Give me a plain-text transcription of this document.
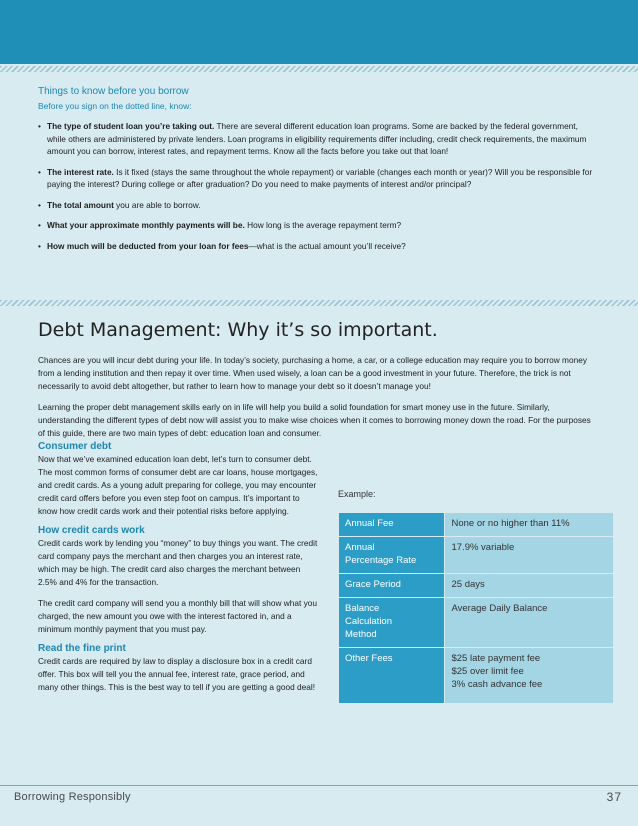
Things to know before you borrow
Before you sign on the dotted line, know:
• The type of student loan you’re taking out. There are several different education loan programs. Some are backed by the federal government, while others are administered by private lenders. Loan programs in eligibility requirements differ including, credit check requirements, the maximum amount you can borrow, interest rates, and repayment terms. Know all the facts before you take out that loan!
• The interest rate. Is it fixed (stays the same throughout the whole repayment) or variable (changes each month or year)? Will you be responsible for paying the interest? During college or after graduation? Do you need to make payments of interest and/or principal?
• The total amount you are able to borrow.
• What your approximate monthly payments will be. How long is the average repayment term?
• How much will be deducted from your loan for fees—what is the actual amount you’ll receive?
Debt Management: Why it’s so important.

Chances are you will incur debt during your life. In today’s society, purchasing a home, a car, or a college education may require you to borrow money from a lending institution and then repay it over time. When used wisely, a loan can be a good investment in your future. Therefore, the trick is not necessarily to avoid debt altogether, but rather to learn how to manage your debt so it doesn’t manage you!

Learning the proper debt management skills early on in life will help you build a solid foundation for smart money use in the future. Similarly, understanding the different types of debt now will assist you to make wise choices when it comes to borrowing money down the road. For the purposes of this guide, there are two main types of debt: education loan and consumer.

Consumer debt

Now that we’ve examined education loan debt, let’s turn to consumer debt. The most common forms of consumer debt are car loans, house mortgages, and credit cards. As a young adult preparing for college, you may encounter credit card offers before you even step foot on campus. It’s important to know how credit cards work and their potential risks before applying.

How credit cards work

Credit cards work by lending you “money” to buy things you want. The credit card company pays the merchant and then charges you an interest rate, which may be high. The credit card also charges the merchant between 2.5% and 4% for the transaction.

The credit card company will send you a monthly bill that will show what you charged, the new amount you owe with the interest factored in, and a minimum monthly payment that you must pay.

Read the fine print

Credit cards are required by law to display a disclosure box in a credit card offer. This box will tell you the annual fee, interest rate, grace period, and many other things. This is the best way to tell if you are getting a good deal!

Example:
Annual Fee	None or no higher than 11%

Annual
Percentage Rate	17.9% variable

Grace Period	25 days

Balance
Calculation
Method	Average Daily Balance

Other Fees	$25 late payment fee
$25 over limit fee
3% cash advance fee
Borrowing Responsibly	37
